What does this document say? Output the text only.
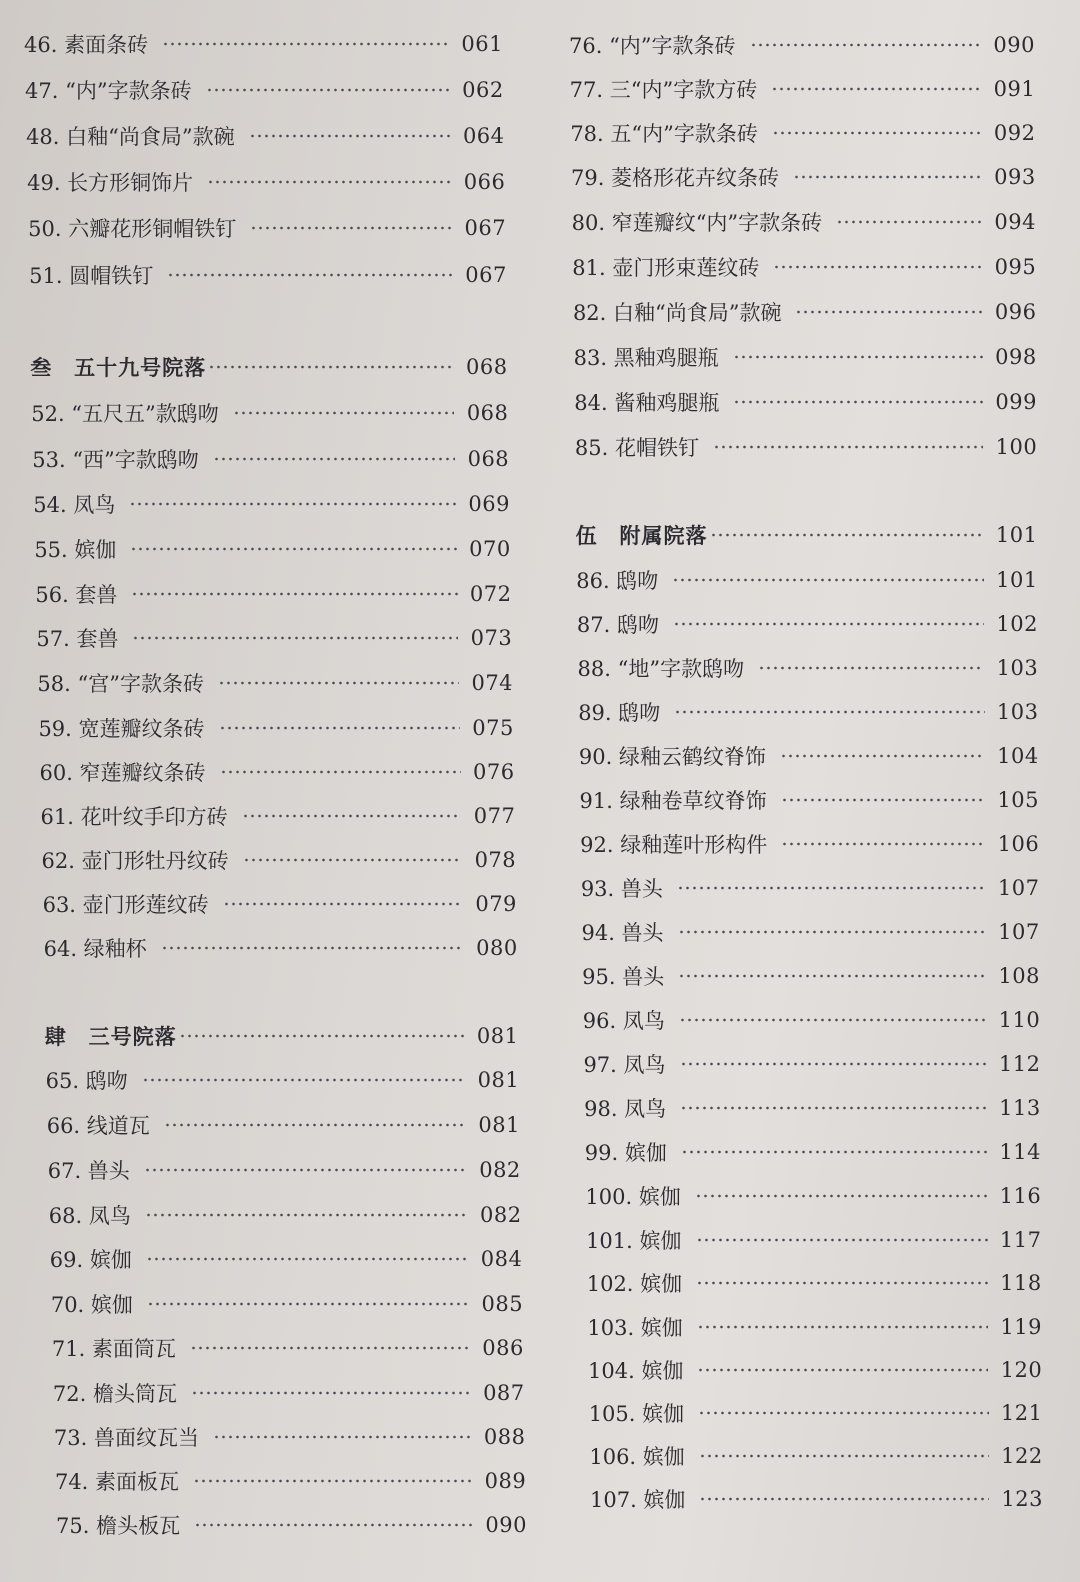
46. 素面条砖	061
47. “内”字款条砖	062
48. 白釉“尚食局”款碗	064
49. 长方形铜饰片	066
50. 六瓣花形铜帽铁钉	067
51. 圆帽铁钉	067
叁　五十九号院落	068
52. “五尺五”款鸱吻	068
53. “西”字款鸱吻	068
54. 凤鸟	069
55. 嫔伽	070
56. 套兽	072
57. 套兽	073
58. “宫”字款条砖	074
59. 宽莲瓣纹条砖	075
60. 窄莲瓣纹条砖	076
61. 花叶纹手印方砖	077
62. 壶门形牡丹纹砖	078
63. 壶门形莲纹砖	079
64. 绿釉杯	080
肆　三号院落	081
65. 鸱吻	081
66. 线道瓦	081
67. 兽头	082
68. 凤鸟	082
69. 嫔伽	084
70. 嫔伽	085
71. 素面筒瓦	086
72. 檐头筒瓦	087
73. 兽面纹瓦当	088
74. 素面板瓦	089
75. 檐头板瓦	090
76. “内”字款条砖	090
77. 三“内”字款方砖	091
78. 五“内”字款条砖	092
79. 菱格形花卉纹条砖	093
80. 窄莲瓣纹“内”字款条砖	094
81. 壶门形束莲纹砖	095
82. 白釉“尚食局”款碗	096
83. 黑釉鸡腿瓶	098
84. 酱釉鸡腿瓶	099
85. 花帽铁钉	100
伍　附属院落	101
86. 鸱吻	101
87. 鸱吻	102
88. “地”字款鸱吻	103
89. 鸱吻	103
90. 绿釉云鹤纹脊饰	104
91. 绿釉卷草纹脊饰	105
92. 绿釉莲叶形构件	106
93. 兽头	107
94. 兽头	107
95. 兽头	108
96. 凤鸟	110
97. 凤鸟	112
98. 凤鸟	113
99. 嫔伽	114
100. 嫔伽	116
101. 嫔伽	117
102. 嫔伽	118
103. 嫔伽	119
104. 嫔伽	120
105. 嫔伽	121
106. 嫔伽	122
107. 嫔伽	123
